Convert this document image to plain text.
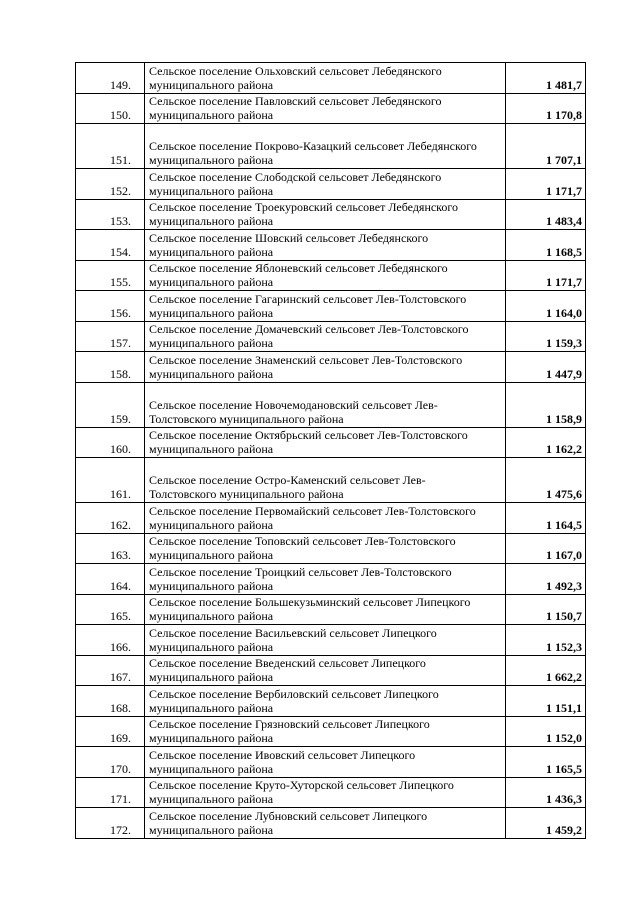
149.	Сельское поселение Ольховский сельсовет Лебедянского
муниципального района	1 481,7
150.	Сельское поселение Павловский сельсовет Лебедянского
муниципального района	1 170,8
151.	Сельское поселение Покрово-Казацкий сельсовет Лебедянского
муниципального района	1 707,1
152.	Сельское поселение Слободской сельсовет Лебедянского
муниципального района	1 171,7
153.	Сельское поселение Троекуровский сельсовет Лебедянского
муниципального района	1 483,4
154.	Сельское поселение Шовский сельсовет Лебедянского
муниципального района	1 168,5
155.	Сельское поселение Яблоневский сельсовет Лебедянского
муниципального района	1 171,7
156.	Сельское поселение Гагаринский сельсовет Лев-Толстовского
муниципального района	1 164,0
157.	Сельское поселение Домачевский сельсовет Лев-Толстовского
муниципального района	1 159,3
158.	Сельское поселение Знаменский сельсовет Лев-Толстовского
муниципального района	1 447,9
159.	Сельское поселение Новочемодановский сельсовет Лев-
Толстовского муниципального района	1 158,9
160.	Сельское поселение Октябрьский сельсовет Лев-Толстовского
муниципального района	1 162,2
161.	Сельское поселение Остро-Каменский сельсовет Лев-
Толстовского муниципального района	1 475,6
162.	Сельское поселение Первомайский сельсовет Лев-Толстовского
муниципального района	1 164,5
163.	Сельское поселение Топовский сельсовет Лев-Толстовского
муниципального района	1 167,0
164.	Сельское поселение Троицкий сельсовет Лев-Толстовского
муниципального района	1 492,3
165.	Сельское поселение Большекузьминский сельсовет Липецкого
муниципального района	1 150,7
166.	Сельское поселение Васильевский сельсовет Липецкого
муниципального района	1 152,3
167.	Сельское поселение Введенский сельсовет Липецкого
муниципального района	1 662,2
168.	Сельское поселение Вербиловский сельсовет Липецкого
муниципального района	1 151,1
169.	Сельское поселение Грязновский сельсовет Липецкого
муниципального района	1 152,0
170.	Сельское поселение Ивовский сельсовет Липецкого
муниципального района	1 165,5
171.	Сельское поселение Круто-Хуторской сельсовет Липецкого
муниципального района	1 436,3
172.	Сельское поселение Лубновский сельсовет Липецкого
муниципального района	1 459,2
